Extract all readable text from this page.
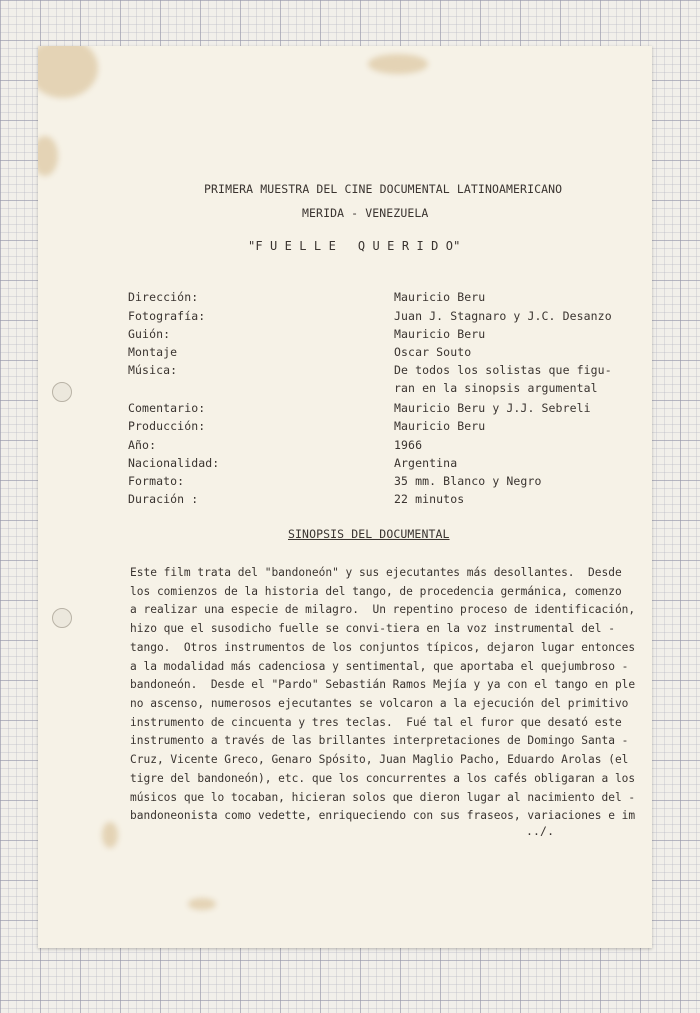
PRIMERA MUESTRA DEL CINE DOCUMENTAL LATINOAMERICANO

MERIDA - VENEZUELA

"F U E L L E   Q U E R I D O"

Dirección:	Mauricio Beru
Fotografía:	Juan J. Stagnaro y J.C. Desanzo
Guión:	Mauricio Beru
Montaje	Oscar Souto
Música:	De todos los solistas que figu-
ran en la sinopsis argumental
Comentario:	Mauricio Beru y J.J. Sebreli
Producción:	Mauricio Beru
Año:	1966
Nacionalidad:	Argentina
Formato:	35 mm. Blanco y Negro
Duración :	22 minutos

SINOPSIS DEL DOCUMENTAL

Este film trata del "bandoneón" y sus ejecutantes más desollantes.  Desde
los comienzos de la historia del tango, de procedencia germánica, comenzo
a realizar una especie de milagro.  Un repentino proceso de identificación,
hizo que el susodicho fuelle se convi-tiera en la voz instrumental del -
tango.  Otros instrumentos de los conjuntos típicos, dejaron lugar entonces
a la modalidad más cadenciosa y sentimental, que aportaba el quejumbroso -
bandoneón.  Desde el "Pardo" Sebastián Ramos Mejía y ya con el tango en ple
no ascenso, numerosos ejecutantes se volcaron a la ejecución del primitivo
instrumento de cincuenta y tres teclas.  Fué tal el furor que desató este
instrumento a través de las brillantes interpretaciones de Domingo Santa -
Cruz, Vicente Greco, Genaro Spósito, Juan Maglio Pacho, Eduardo Arolas (el
tigre del bandoneón), etc. que los concurrentes a los cafés obligaran a los
músicos que lo tocaban, hicieran solos que dieron lugar al nacimiento del -
bandoneonista como vedette, enriqueciendo con sus fraseos, variaciones e im

../.
